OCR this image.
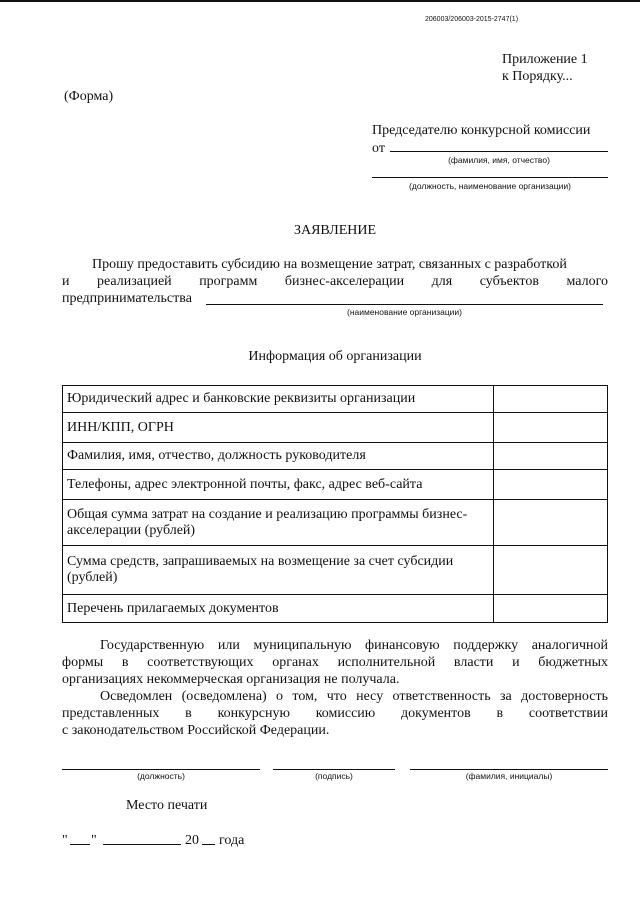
206003/206003-2015-2747(1)
Приложение 1
к Порядку...
(Форма)
Председателю конкурсной комиссии
от
(фамилия, имя, отчество)
(должность, наименование организации)
ЗАЯВЛЕНИЕ
Прошу предоставить субсидию на возмещение затрат, связанных с разработкой
и реализацией программ бизнес-акселерации для субъектов малого
предпринимательства
(наименование организации)
Информация об организации
Юридический адрес и банковские реквизиты организации	
ИНН/КПП, ОГРН	
Фамилия, имя, отчество, должность руководителя	
Телефоны, адрес электронной почты, факс, адрес веб-сайта	
Общая сумма затрат на создание и реализацию программы бизнес-акселерации (рублей)	
Сумма средств, запрашиваемых на возмещение за счет субсидии (рублей)	
Перечень прилагаемых документов	
Государственную или муниципальную финансовую поддержку аналогичной
формы в соответствующих органах исполнительной власти и бюджетных
организациях некоммерческая организация не получала.
Осведомлен (осведомлена) о том, что несу ответственность за достоверность
представленных в конкурсную комиссию документов в соответствии
с законодательством Российской Федерации.
(должность)	(подпись)	(фамилия, инициалы)
Место печати
" "	20 года
